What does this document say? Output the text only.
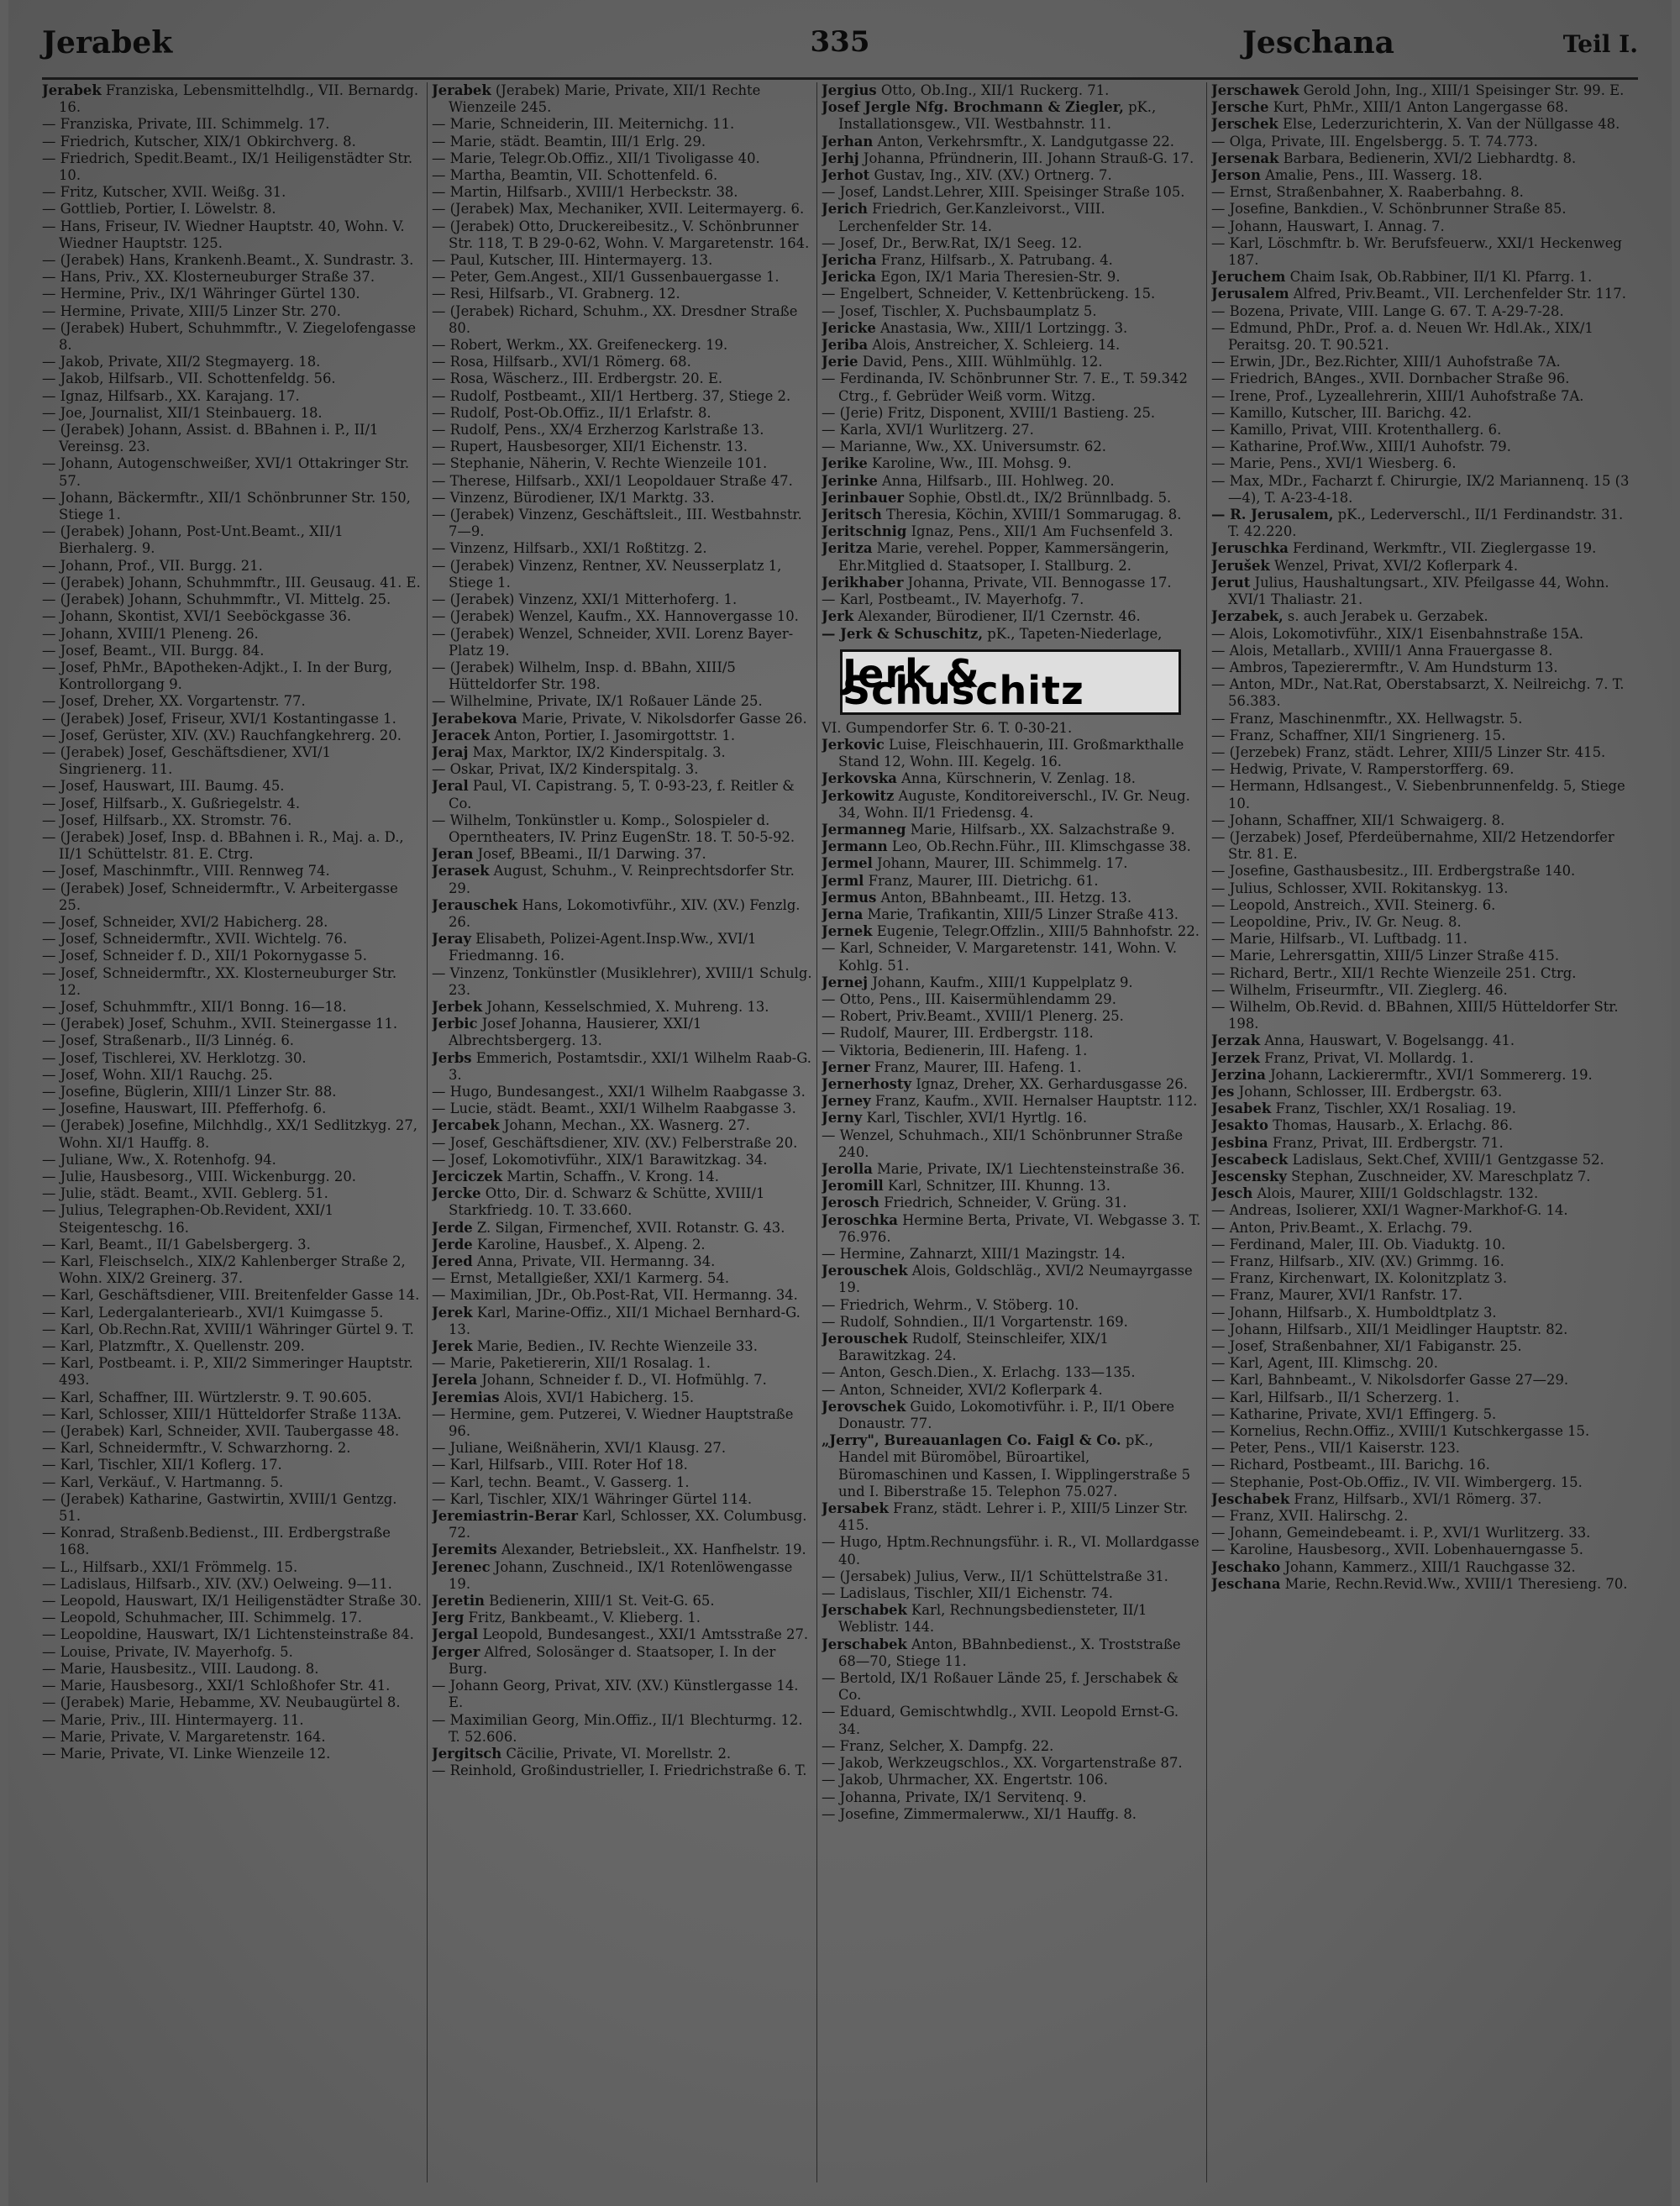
Jerabek	335	Jeschana	Teil I.

Jerabek Franziska, Lebensmittelhdlg., VII. Bernardg. 16.

— Franziska, Private, III. Schimmelg. 17.

— Friedrich, Kutscher, XIX/1 Obkirchverg. 8.

— Friedrich, Spedit.Beamt., IX/1 Heiligenstädter Str. 10.

— Fritz, Kutscher, XVII. Weißg. 31.

— Gottlieb, Portier, I. Löwelstr. 8.

— Hans, Friseur, IV. Wiedner Hauptstr. 40, Wohn. V. Wiedner Hauptstr. 125.

— (Jerabek) Hans, Krankenh.Beamt., X. Sundrastr. 3.

— Hans, Priv., XX. Klosterneuburger Straße 37.

— Hermine, Priv., IX/1 Währinger Gürtel 130.

— Hermine, Private, XIII/5 Linzer Str. 270.

— (Jerabek) Hubert, Schuhmmftr., V. Ziegelofengasse 8.

— Jakob, Private, XII/2 Stegmayerg. 18.

— Jakob, Hilfsarb., VII. Schottenfeldg. 56.

— Ignaz, Hilfsarb., XX. Karajang. 17.

— Joe, Journalist, XII/1 Steinbauerg. 18.

— (Jerabek) Johann, Assist. d. BBahnen i. P., II/1 Vereinsg. 23.

— Johann, Autogenschweißer, XVI/1 Ottakringer Str. 57.

— Johann, Bäckermftr., XII/1 Schönbrunner Str. 150, Stiege 1.

— (Jerabek) Johann, Post-Unt.Beamt., XII/1 Bierhalerg. 9.

— Johann, Prof., VII. Burgg. 21.

— (Jerabek) Johann, Schuhmmftr., III. Geusaug. 41. E.

— (Jerabek) Johann, Schuhmmftr., VI. Mittelg. 25.

— Johann, Skontist, XVI/1 Seeböckgasse 36.

— Johann, XVIII/1 Pleneng. 26.

— Josef, Beamt., VII. Burgg. 84.

— Josef, PhMr., BApotheken-Adjkt., I. In der Burg, Kontrollorgang 9.

— Josef, Dreher, XX. Vorgartenstr. 77.

— (Jerabek) Josef, Friseur, XVI/1 Kostantingasse 1.

— Josef, Gerüster, XIV. (XV.) Rauchfangkehrerg. 20.

— (Jerabek) Josef, Geschäftsdiener, XVI/1 Singrienerg. 11.

— Josef, Hauswart, III. Baumg. 45.

— Josef, Hilfsarb., X. Gußriegelstr. 4.

— Josef, Hilfsarb., XX. Stromstr. 76.

— (Jerabek) Josef, Insp. d. BBahnen i. R., Maj. a. D., II/1 Schüttelstr. 81. E. Ctrg.

— Josef, Maschinmftr., VIII. Rennweg 74.

— (Jerabek) Josef, Schneidermftr., V. Arbeitergasse 25.

— Josef, Schneider, XVI/2 Habicherg. 28.

— Josef, Schneidermftr., XVII. Wichtelg. 76.

— Josef, Schneider f. D., XII/1 Pokornygasse 5.

— Josef, Schneidermftr., XX. Klosterneuburger Str. 12.

— Josef, Schuhmmftr., XII/1 Bonng. 16—18.

— (Jerabek) Josef, Schuhm., XVII. Steinergasse 11.

— Josef, Straßenarb., II/3 Linnég. 6.

— Josef, Tischlerei, XV. Herklotzg. 30.

— Josef, Wohn. XII/1 Rauchg. 25.

— Josefine, Büglerin, XIII/1 Linzer Str. 88.

— Josefine, Hauswart, III. Pfefferhofg. 6.

— (Jerabek) Josefine, Milchhdlg., XX/1 Sedlitzkyg. 27, Wohn. XI/1 Hauffg. 8.

— Juliane, Ww., X. Rotenhofg. 94.

— Julie, Hausbesorg., VIII. Wickenburgg. 20.

— Julie, städt. Beamt., XVII. Geblerg. 51.

— Julius, Telegraphen-Ob.Revident, XXI/1 Steigenteschg. 16.

— Karl, Beamt., II/1 Gabelsbergerg. 3.

— Karl, Fleischselch., XIX/2 Kahlenberger Straße 2, Wohn. XIX/2 Greinerg. 37.

— Karl, Geschäftsdiener, VIII. Breitenfelder Gasse 14.

— Karl, Ledergalanteriearb., XVI/1 Kuimgasse 5.

— Karl, Ob.Rechn.Rat, XVIII/1 Währinger Gürtel 9. T.

— Karl, Platzmftr., X. Quellenstr. 209.

— Karl, Postbeamt. i. P., XII/2 Simmeringer Hauptstr. 493.

— Karl, Schaffner, III. Würtzlerstr. 9. T. 90.605.

— Karl, Schlosser, XIII/1 Hütteldorfer Straße 113A.

— (Jerabek) Karl, Schneider, XVII. Taubergasse 48.

— Karl, Schneidermftr., V. Schwarzhorng. 2.

— Karl, Tischler, XII/1 Koflerg. 17.

— Karl, Verkäuf., V. Hartmanng. 5.

— (Jerabek) Katharine, Gastwirtin, XVIII/1 Gentzg. 51.

— Konrad, Straßenb.Bedienst., III. Erdbergstraße 168.

— L., Hilfsarb., XXI/1 Frömmelg. 15.

— Ladislaus, Hilfsarb., XIV. (XV.) Oelweing. 9—11.

— Leopold, Hauswart, IX/1 Heiligenstädter Straße 30.

— Leopold, Schuhmacher, III. Schimmelg. 17.

— Leopoldine, Hauswart, IX/1 Lichtensteinstraße 84.

— Louise, Private, IV. Mayerhofg. 5.

— Marie, Hausbesitz., VIII. Laudong. 8.

— Marie, Hausbesorg., XXI/1 Schloßhofer Str. 41.

— (Jerabek) Marie, Hebamme, XV. Neubaugürtel 8.

— Marie, Priv., III. Hintermayerg. 11.

— Marie, Private, V. Margaretenstr. 164.

— Marie, Private, VI. Linke Wienzeile 12.

Jerabek (Jerabek) Marie, Private, XII/1 Rechte Wienzeile 245.

— Marie, Schneiderin, III. Meiternichg. 11.

— Marie, städt. Beamtin, III/1 Erlg. 29.

— Marie, Telegr.Ob.Offiz., XII/1 Tivoligasse 40.

— Martha, Beamtin, VII. Schottenfeld. 6.

— Martin, Hilfsarb., XVIII/1 Herbeckstr. 38.

— (Jerabek) Max, Mechaniker, XVII. Leitermayerg. 6.

— (Jerabek) Otto, Druckereibesitz., V. Schönbrunner Str. 118, T. B 29-0-62, Wohn. V. Margaretenstr. 164.

— Paul, Kutscher, III. Hintermayerg. 13.

— Peter, Gem.Angest., XII/1 Gussenbauergasse 1.

— Resi, Hilfsarb., VI. Grabnerg. 12.

— (Jerabek) Richard, Schuhm., XX. Dresdner Straße 80.

— Robert, Werkm., XX. Greifeneckerg. 19.

— Rosa, Hilfsarb., XVI/1 Römerg. 68.

— Rosa, Wäscherz., III. Erdbergstr. 20. E.

— Rudolf, Postbeamt., XII/1 Hertberg. 37, Stiege 2.

— Rudolf, Post-Ob.Offiz., II/1 Erlafstr. 8.

— Rudolf, Pens., XX/4 Erzherzog Karlstraße 13.

— Rupert, Hausbesorger, XII/1 Eichenstr. 13.

— Stephanie, Näherin, V. Rechte Wienzeile 101.

— Therese, Hilfsarb., XXI/1 Leopoldauer Straße 47.

— Vinzenz, Bürodiener, IX/1 Marktg. 33.

— (Jerabek) Vinzenz, Geschäftsleit., III. Westbahnstr. 7—9.

— Vinzenz, Hilfsarb., XXI/1 Roßtitzg. 2.

— (Jerabek) Vinzenz, Rentner, XV. Neusserplatz 1, Stiege 1.

— (Jerabek) Vinzenz, XXI/1 Mitterhoferg. 1.

— (Jerabek) Wenzel, Kaufm., XX. Hannovergasse 10.

— (Jerabek) Wenzel, Schneider, XVII. Lorenz Bayer-Platz 19.

— (Jerabek) Wilhelm, Insp. d. BBahn, XIII/5 Hütteldorfer Str. 198.

— Wilhelmine, Private, IX/1 Roßauer Lände 25.

Jerabekova Marie, Private, V. Nikolsdorfer Gasse 26.

Jeracek Anton, Portier, I. Jasomirgottstr. 1.

Jeraj Max, Marktor, IX/2 Kinderspitalg. 3.

— Oskar, Privat, IX/2 Kinderspitalg. 3.

Jeral Paul, VI. Capistrang. 5, T. 0-93-23, f. Reitler & Co.

— Wilhelm, Tonkünstler u. Komp., Solospieler d. Operntheaters, IV. Prinz EugenStr. 18. T. 50-5-92.

Jeran Josef, BBeami., II/1 Darwing. 37.

Jerasek August, Schuhm., V. Reinprechtsdorfer Str. 29.

Jerauschek Hans, Lokomotivführ., XIV. (XV.) Fenzlg. 26.

Jeray Elisabeth, Polizei-Agent.Insp.Ww., XVI/1 Friedmanng. 16.

— Vinzenz, Tonkünstler (Musiklehrer), XVIII/1 Schulg. 23.

Jerbek Johann, Kesselschmied, X. Muhreng. 13.

Jerbic Josef Johanna, Hausierer, XXI/1 Albrechtsbergerg. 13.

Jerbs Emmerich, Postamtsdir., XXI/1 Wilhelm Raab-G. 3.

— Hugo, Bundesangest., XXI/1 Wilhelm Raabgasse 3.

— Lucie, städt. Beamt., XXI/1 Wilhelm Raabgasse 3.

Jercabek Johann, Mechan., XX. Wasnerg. 27.

— Josef, Geschäftsdiener, XIV. (XV.) Felberstraße 20.

— Josef, Lokomotivführ., XIX/1 Barawitzkag. 34.

Jerciczek Martin, Schaffn., V. Krong. 14.

Jercke Otto, Dir. d. Schwarz & Schütte, XVIII/1 Starkfriedg. 10. T. 33.660.

Jerde Z. Silgan, Firmenchef, XVII. Rotanstr. G. 43.

Jerde Karoline, Hausbef., X. Alpeng. 2.

Jered Anna, Private, VII. Hermanng. 34.

— Ernst, Metallgießer, XXI/1 Karmerg. 54.

— Maximilian, JDr., Ob.Post-Rat, VII. Hermanng. 34.

Jerek Karl, Marine-Offiz., XII/1 Michael Bernhard-G. 13.

Jerek Marie, Bedien., IV. Rechte Wienzeile 33.

— Marie, Paketiererin, XII/1 Rosalag. 1.

Jerela Johann, Schneider f. D., VI. Hofmühlg. 7.

Jeremias Alois, XVI/1 Habicherg. 15.

— Hermine, gem. Putzerei, V. Wiedner Hauptstraße 96.

— Juliane, Weißnäherin, XVI/1 Klausg. 27.

— Karl, Hilfsarb., VIII. Roter Hof 18.

— Karl, techn. Beamt., V. Gasserg. 1.

— Karl, Tischler, XIX/1 Währinger Gürtel 114.

Jeremiastrin-Berar Karl, Schlosser, XX. Columbusg. 72.

Jeremits Alexander, Betriebsleit., XX. Hanfhelstr. 19.

Jerenec Johann, Zuschneid., IX/1 Rotenlöwengasse 19.

Jeretin Bedienerin, XIII/1 St. Veit-G. 65.

Jerg Fritz, Bankbeamt., V. Klieberg. 1.

Jergal Leopold, Bundesangest., XXI/1 Amtsstraße 27.

Jerger Alfred, Solosänger d. Staatsoper, I. In der Burg.

— Johann Georg, Privat, XIV. (XV.) Künstlergasse 14. E.

— Maximilian Georg, Min.Offiz., II/1 Blechturmg. 12. T. 52.606.

Jergitsch Cäcilie, Private, VI. Morellstr. 2.

— Reinhold, Großindustrieller, I. Friedrichstraße 6. T.

Jergius Otto, Ob.Ing., XII/1 Ruckerg. 71.

Josef Jergle Nfg. Brochmann & Ziegler, pK., Installationsgew., VII. Westbahnstr. 11.

Jerhan Anton, Verkehrsmftr., X. Landgutgasse 22.

Jerhj Johanna, Pfründnerin, III. Johann Strauß-G. 17.

Jerhot Gustav, Ing., XIV. (XV.) Ortnerg. 7.

— Josef, Landst.Lehrer, XIII. Speisinger Straße 105.

Jerich Friedrich, Ger.Kanzleivorst., VIII. Lerchenfelder Str. 14.

— Josef, Dr., Berw.Rat, IX/1 Seeg. 12.

Jericha Franz, Hilfsarb., X. Patrubang. 4.

Jericka Egon, IX/1 Maria Theresien-Str. 9.

— Engelbert, Schneider, V. Kettenbrückeng. 15.

— Josef, Tischler, X. Puchsbaumplatz 5.

Jericke Anastasia, Ww., XIII/1 Lortzingg. 3.

Jeriba Alois, Anstreicher, X. Schleierg. 14.

Jerie David, Pens., XIII. Wühlmühlg. 12.

— Ferdinanda, IV. Schönbrunner Str. 7. E., T. 59.342 Ctrg., f. Gebrüder Weiß vorm. Witzg.

— (Jerie) Fritz, Disponent, XVIII/1 Bastieng. 25.

— Karla, XVI/1 Wurlitzerg. 27.

— Marianne, Ww., XX. Universumstr. 62.

Jerike Karoline, Ww., III. Mohsg. 9.

Jerinke Anna, Hilfsarb., III. Hohlweg. 20.

Jerinbauer Sophie, Obstl.dt., IX/2 Brünnlbadg. 5.

Jeritsch Theresia, Köchin, XVIII/1 Sommarugag. 8.

Jeritschnig Ignaz, Pens., XII/1 Am Fuchsenfeld 3.

Jeritza Marie, verehel. Popper, Kammersängerin, Ehr.Mitglied d. Staatsoper, I. Stallburg. 2.

Jerikhaber Johanna, Private, VII. Bennogasse 17.

— Karl, Postbeamt., IV. Mayerhofg. 7.

Jerk Alexander, Bürodiener, II/1 Czernstr. 46.

— Jerk & Schuschitz, pK., Tapeten-Niederlage,

Jerk & Schuschitz

VI. Gumpendorfer Str. 6. T. 0-30-21.

Jerkovic Luise, Fleischhauerin, III. Großmarkthalle Stand 12, Wohn. III. Kegelg. 16.

Jerkovska Anna, Kürschnerin, V. Zenlag. 18.

Jerkowitz Auguste, Konditoreiverschl., IV. Gr. Neug. 34, Wohn. II/1 Friedensg. 4.

Jermanneg Marie, Hilfsarb., XX. Salzachstraße 9.

Jermann Leo, Ob.Rechn.Führ., III. Klimschgasse 38.

Jermel Johann, Maurer, III. Schimmelg. 17.

Jerml Franz, Maurer, III. Dietrichg. 61.

Jermus Anton, BBahnbeamt., III. Hetzg. 13.

Jerna Marie, Trafikantin, XIII/5 Linzer Straße 413.

Jernek Eugenie, Telegr.Offzlin., XIII/5 Bahnhofstr. 22.

— Karl, Schneider, V. Margaretenstr. 141, Wohn. V. Kohlg. 51.

Jernej Johann, Kaufm., XIII/1 Kuppelplatz 9.

— Otto, Pens., III. Kaisermühlendamm 29.

— Robert, Priv.Beamt., XVIII/1 Plenerg. 25.

— Rudolf, Maurer, III. Erdbergstr. 118.

— Viktoria, Bedienerin, III. Hafeng. 1.

Jerner Franz, Maurer, III. Hafeng. 1.

Jernerhosty Ignaz, Dreher, XX. Gerhardusgasse 26.

Jerney Franz, Kaufm., XVII. Hernalser Hauptstr. 112.

Jerny Karl, Tischler, XVI/1 Hyrtlg. 16.

— Wenzel, Schuhmach., XII/1 Schönbrunner Straße 240.

Jerolla Marie, Private, IX/1 Liechtensteinstraße 36.

Jeromill Karl, Schnitzer, III. Khunng. 13.

Jerosch Friedrich, Schneider, V. Grüng. 31.

Jeroschka Hermine Berta, Private, VI. Webgasse 3. T. 76.976.

— Hermine, Zahnarzt, XIII/1 Mazingstr. 14.

Jerouschek Alois, Goldschläg., XVI/2 Neumayrgasse 19.

— Friedrich, Wehrm., V. Stöberg. 10.

— Rudolf, Sohndien., II/1 Vorgartenstr. 169.

Jerouschek Rudolf, Steinschleifer, XIX/1 Barawitzkag. 24.

— Anton, Gesch.Dien., X. Erlachg. 133—135.

— Anton, Schneider, XVI/2 Koflerpark 4.

Jerovschek Guido, Lokomotivführ. i. P., II/1 Obere Donaustr. 77.

„Jerry", Bureauanlagen Co. Faigl & Co. pK., Handel mit Büromöbel, Büroartikel, Büromaschinen und Kassen, I. Wipplingerstraße 5 und I. Biberstraße 15. Telephon 75.027.

Jersabek Franz, städt. Lehrer i. P., XIII/5 Linzer Str. 415.

— Hugo, Hptm.Rechnungsführ. i. R., VI. Mollardgasse 40.

— (Jersabek) Julius, Verw., II/1 Schüttelstraße 31.

— Ladislaus, Tischler, XII/1 Eichenstr. 74.

Jerschabek Karl, Rechnungsbediensteter, II/1 Weblistr. 144.

Jerschabek Anton, BBahnbedienst., X. Troststraße 68—70, Stiege 11.

— Bertold, IX/1 Roßauer Lände 25, f. Jerschabek & Co.

— Eduard, Gemischtwhdlg., XVII. Leopold Ernst-G. 34.

— Franz, Selcher, X. Dampfg. 22.

— Jakob, Werkzeugschlos., XX. Vorgartenstraße 87.

— Jakob, Uhrmacher, XX. Engertstr. 106.

— Johanna, Private, IX/1 Servitenq. 9.

— Josefine, Zimmermalerww., XI/1 Hauffg. 8.

Jerschawek Gerold John, Ing., XIII/1 Speisinger Str. 99. E.

Jersche Kurt, PhMr., XIII/1 Anton Langergasse 68.

Jerschek Else, Lederzurichterin, X. Van der Nüllgasse 48.

— Olga, Private, III. Engelsbergg. 5. T. 74.773.

Jersenak Barbara, Bedienerin, XVI/2 Liebhardtg. 8.

Jerson Amalie, Pens., III. Wasserg. 18.

— Ernst, Straßenbahner, X. Raaberbahng. 8.

— Josefine, Bankdien., V. Schönbrunner Straße 85.

— Johann, Hauswart, I. Annag. 7.

— Karl, Löschmftr. b. Wr. Berufsfeuerw., XXI/1 Heckenweg 187.

Jeruchem Chaim Isak, Ob.Rabbiner, II/1 Kl. Pfarrg. 1.

Jerusalem Alfred, Priv.Beamt., VII. Lerchenfelder Str. 117.

— Bozena, Private, VIII. Lange G. 67. T. A-29-7-28.

— Edmund, PhDr., Prof. a. d. Neuen Wr. Hdl.Ak., XIX/1 Peraitsg. 20. T. 90.521.

— Erwin, JDr., Bez.Richter, XIII/1 Auhofstraße 7A.

— Friedrich, BAnges., XVII. Dornbacher Straße 96.

— Irene, Prof., Lyzeallehrerin, XIII/1 Auhofstraße 7A.

— Kamillo, Kutscher, III. Barichg. 42.

— Kamillo, Privat, VIII. Krotenthallerg. 6.

— Katharine, Prof.Ww., XIII/1 Auhofstr. 79.

— Marie, Pens., XVI/1 Wiesberg. 6.

— Max, MDr., Facharzt f. Chirurgie, IX/2 Mariannenq. 15 (3—4), T. A-23-4-18.

— R. Jerusalem, pK., Lederverschl., II/1 Ferdinandstr. 31. T. 42.220.

Jeruschka Ferdinand, Werkmftr., VII. Zieglergasse 19.

Jerušek Wenzel, Privat, XVI/2 Koflerpark 4.

Jerut Julius, Haushaltungsart., XIV. Pfeilgasse 44, Wohn. XVI/1 Thaliastr. 21.

Jerzabek, s. auch Jerabek u. Gerzabek.

— Alois, Lokomotivführ., XIX/1 Eisenbahnstraße 15A.

— Alois, Metallarb., XVIII/1 Anna Frauergasse 8.

— Ambros, Tapezierermftr., V. Am Hundsturm 13.

— Anton, MDr., Nat.Rat, Oberstabsarzt, X. Neilreichg. 7. T. 56.383.

— Franz, Maschinenmftr., XX. Hellwagstr. 5.

— Franz, Schaffner, XII/1 Singrienerg. 15.

— (Jerzebek) Franz, städt. Lehrer, XIII/5 Linzer Str. 415.

— Hedwig, Private, V. Ramperstorfferg. 69.

— Hermann, Hdlsangest., V. Siebenbrunnenfeldg. 5, Stiege 10.

— Johann, Schaffner, XII/1 Schwaigerg. 8.

— (Jerzabek) Josef, Pferdeübernahme, XII/2 Hetzendorfer Str. 81. E.

— Josefine, Gasthausbesitz., III. Erdbergstraße 140.

— Julius, Schlosser, XVII. Rokitanskyg. 13.

— Leopold, Anstreich., XVII. Steinerg. 6.

— Leopoldine, Priv., IV. Gr. Neug. 8.

— Marie, Hilfsarb., VI. Luftbadg. 11.

— Marie, Lehrersgattin, XIII/5 Linzer Straße 415.

— Richard, Bertr., XII/1 Rechte Wienzeile 251. Ctrg.

— Wilhelm, Friseurmftr., VII. Zieglerg. 46.

— Wilhelm, Ob.Revid. d. BBahnen, XIII/5 Hütteldorfer Str. 198.

Jerzak Anna, Hauswart, V. Bogelsangg. 41.

Jerzek Franz, Privat, VI. Mollardg. 1.

Jerzina Johann, Lackierermftr., XVI/1 Sommererg. 19.

Jes Johann, Schlosser, III. Erdbergstr. 63.

Jesabek Franz, Tischler, XX/1 Rosaliag. 19.

Jesakto Thomas, Hausarb., X. Erlachg. 86.

Jesbina Franz, Privat, III. Erdbergstr. 71.

Jescabeck Ladislaus, Sekt.Chef, XVIII/1 Gentzgasse 52.

Jescensky Stephan, Zuschneider, XV. Mareschplatz 7.

Jesch Alois, Maurer, XIII/1 Goldschlagstr. 132.

— Andreas, Isolierer, XXI/1 Wagner-Markhof-G. 14.

— Anton, Priv.Beamt., X. Erlachg. 79.

— Ferdinand, Maler, III. Ob. Viaduktg. 10.

— Franz, Hilfsarb., XIV. (XV.) Grimmg. 16.

— Franz, Kirchenwart, IX. Kolonitzplatz 3.

— Franz, Maurer, XVI/1 Ranfstr. 17.

— Johann, Hilfsarb., X. Humboldtplatz 3.

— Johann, Hilfsarb., XII/1 Meidlinger Hauptstr. 82.

— Josef, Straßenbahner, XI/1 Fabiganstr. 25.

— Karl, Agent, III. Klimschg. 20.

— Karl, Bahnbeamt., V. Nikolsdorfer Gasse 27—29.

— Karl, Hilfsarb., II/1 Scherzerg. 1.

— Katharine, Private, XVI/1 Effingerg. 5.

— Kornelius, Rechn.Offiz., XVIII/1 Kutschkergasse 15.

— Peter, Pens., VII/1 Kaiserstr. 123.

— Richard, Postbeamt., III. Barichg. 16.

— Stephanie, Post-Ob.Offiz., IV. VII. Wimbergerg. 15.

Jeschabek Franz, Hilfsarb., XVI/1 Römerg. 37.

— Franz, XVII. Halirschg. 2.

— Johann, Gemeindebeamt. i. P., XVI/1 Wurlitzerg. 33.

— Karoline, Hausbesorg., XVII. Lobenhauerngasse 5.

Jeschako Johann, Kammerz., XIII/1 Rauchgasse 32.

Jeschana Marie, Rechn.Revid.Ww., XVIII/1 Theresieng. 70.
